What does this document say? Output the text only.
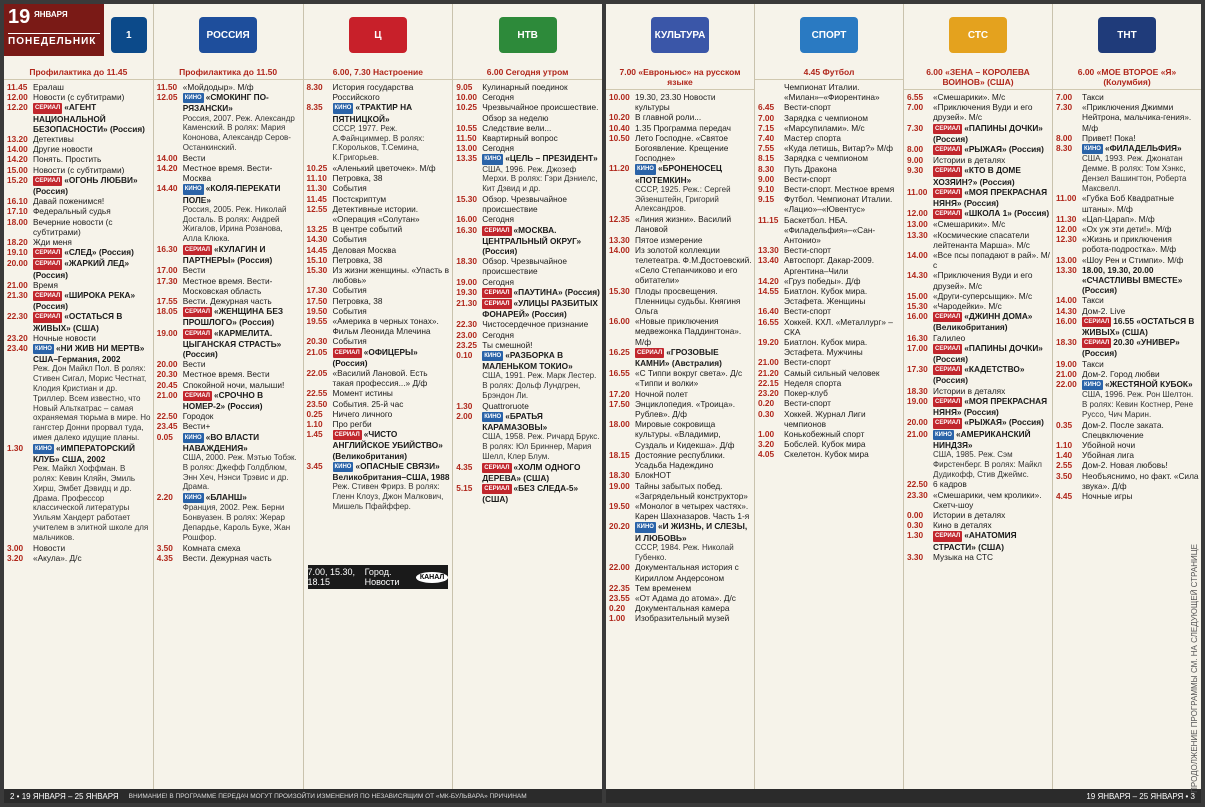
19 ЯНВАРЯ
ПОНЕДЕЛЬНИК
1
Профилактика до 11.45
11.45 Ералаш
12.00 Новости (с субтитрами)
12.20 СЕРИАЛ «АГЕНТ НАЦИОНАЛЬНОЙ БЕЗОПАСНОСТИ» (Россия)
13.20 Детективы
14.00 Другие новости
14.20 Понять. Простить
15.00 Новости (с субтитрами)
15.20 СЕРИАЛ «ОГОНЬ ЛЮБВИ» (Россия)
16.10 Давай поженимся!
17.10 Федеральный судья
18.00 Вечерние новости (с субтитрами)
18.20 Жди меня
19.10 СЕРИАЛ «СЛЕД» (Россия)
20.00 СЕРИАЛ «ЖАРКИЙ ЛЕД» (Россия)
21.00 Время
21.30 СЕРИАЛ «ШИРОКА РЕКА» (Россия)
22.30 СЕРИАЛ «ОСТАТЬСЯ В ЖИВЫХ» (США)
23.20 Ночные новости
23.40 КИНО «НИ ЖИВ НИ МЕРТВ» США–Германия, 2002
Реж. Дон Майкл Пол. В ролях: Стивен Сигал, Морис Честнат, Клодия Кристиан и др. Триллер. Всем известно, что Новый Альткатрас – самая охраняемая тюрьма в мире. Но гангстер Донни прорвал туда, имея далеко идущие планы.
1.30 КИНО «ИМПЕРАТОРСКИЙ КЛУБ» США, 2002
Реж. Майкл Хоффман. В ролях: Кевин Кляйн, Эмиль Хирш, Эмбет Дэвидц и др. Драма. Профессор классической литературы Уильям Хандерт работает учителем в элитной школе для мальчиков.
3.00 Новости
3.20 «Акула». Д/с
РОССИЯ
Профилактика до 11.50
11.50 «Мойдодыр». М/ф
12.05 КИНО «СМОКИНГ ПО-РЯЗАНСКИ»
Россия, 2007. Реж. Александр Каменский. В ролях: Мария Кононова, Александр Серов-Останкинский.
14.00 Вести
14.20 Местное время. Вести-Москва
14.40 КИНО «КОЛЯ-ПЕРЕКАТИ ПОЛЕ»
Россия, 2005. Реж. Николай Досталь. В ролях: Андрей Жигалов, Ирина Розанова, Алла Клюка.
16.30 СЕРИАЛ «КУЛАГИН И ПАРТНЕРЫ» (Россия)
17.00 Вести
17.30 Местное время. Вести-Московская область
17.55 Вести. Дежурная часть
18.05 СЕРИАЛ «ЖЕНЩИНА БЕЗ ПРОШЛОГО» (Россия)
19.00 СЕРИАЛ «КАРМЕЛИТА. ЦЫГАНСКАЯ СТРАСТЬ» (Россия)
20.00 Вести
20.30 Местное время. Вести
20.45 Спокойной ночи, малыши!
21.00 СЕРИАЛ «СРОЧНО В НОМЕР-2» (Россия)
22.50 Городок
23.45 Вести+
0.05 КИНО «ВО ВЛАСТИ НАВАЖДЕНИЯ»
США, 2000. Реж. Мэтью Тобэк. В ролях: Джефф Голдблюм, Энн Хеч, Нэнси Трэвис и др. Драма.
2.20 КИНО «БЛАНШ»
Франция, 2002. Реж. Берни Бонвуазен. В ролях: Жерар Депардье, Кароль Буке, Жан Рошфор.
3.50 Комната смеха
4.35 Вести. Дежурная часть
Ц
6.00, 7.30 Настроение
8.30 История государства Российского
8.35 КИНО «ТРАКТИР НА ПЯТНИЦКОЙ»
СССР, 1977. Реж. А.Файнциммер. В ролях: Г.Корольков, Т.Семина, К.Григорьев.
10.25 «Аленький цветочек». М/ф
11.10 Петровка, 38
11.30 События
11.45 Постскриптум
12.55 Детективные истории. «Операция «Солутан»
13.25 В центре событий
14.30 События
14.45 Деловая Москва
15.10 Петровка, 38
15.30 Из жизни женщины. «Упасть в любовь»
17.30 События
17.50 Петровка, 38
19.50 События
19.55 «Америка в черных тонах». Фильм Леонида Млечина
20.30 События
21.05 СЕРИАЛ «ОФИЦЕРЫ» (Россия)
22.05 «Василий Лановой. Есть такая профессия...» Д/ф
22.55 Момент истины
23.50 События. 25-й час
0.25 Ничего личного
1.10 Про регби
1.45 СЕРИАЛ «ЧИСТО АНГЛИЙСКОЕ УБИЙСТВО» (Великобритания)
3.45 КИНО «ОПАСНЫЕ СВЯЗИ» Великобритания–США, 1988
Реж. Стивен Фрирз. В ролях: Гленн Клоуз, Джон Малкович, Мишель Пфайффер.
7.00, 15.30, 18.15
Город. Новости	КАНАЛ
НТВ
6.00 Сегодня утром
9.05 Кулинарный поединок
10.00 Сегодня
10.25 Чрезвычайное происшествие. Обзор за неделю
10.55 Следствие вели...
11.50 Квартирный вопрос
13.00 Сегодня
13.35 КИНО «ЦЕЛЬ – ПРЕЗИДЕНТ»
США, 1996. Реж. Джозеф Мерхи. В ролях: Гэри Дэниелс, Кит Дэвид и др.
15.30 Обзор. Чрезвычайное происшествие
16.00 Сегодня
16.30 СЕРИАЛ «МОСКВА. ЦЕНТРАЛЬНЫЙ ОКРУГ» (Россия)
18.30 Обзор. Чрезвычайное происшествие
19.00 Сегодня
19.30 СЕРИАЛ «ПАУТИНА» (Россия)
21.30 СЕРИАЛ «УЛИЦЫ РАЗБИТЫХ ФОНАРЕЙ» (Россия)
22.30 Чистосердечное признание
23.00 Сегодня
23.25 Ты смешной!
0.10 КИНО «РАЗБОРКА В МАЛЕНЬКОМ ТОКИО»
США, 1991. Реж. Марк Лестер. В ролях: Дольф Лундгрен, Брэндон Ли.
1.30 Quattroruote
2.00 КИНО «БРАТЬЯ КАРАМАЗОВЫ»
США, 1958. Реж. Ричард Брукс. В ролях: Юл Бриннер, Мария Шелл, Клер Блум.
4.35 СЕРИАЛ «ХОЛМ ОДНОГО ДЕРЕВА» (США)
5.15 СЕРИАЛ «БЕЗ СЛЕДА-5» (США)
2 • 19 ЯНВАРЯ – 25 ЯНВАРЯ ВНИМАНИЕ! В ПРОГРАММЕ ПЕРЕДАЧ МОГУТ ПРОИЗОЙТИ ИЗМЕНЕНИЯ ПО НЕЗАВИСЯЩИМ ОТ «МК-БУЛЬВАРА» ПРИЧИНАМ
КУЛЬТУРА
7.00 «Евроньюс» на русском языке
10.00 19.30, 23.30 Новости культуры
10.20 В главной роли...
10.40 1.35 Программа передач
10.50 Лето Господне. «Святое Богоявление. Крещение Господне»
11.20 КИНО «БРОНЕНОСЕЦ «ПОТЕМКИН»
СССР, 1925. Реж.: Сергей Эйзенштейн, Григорий Александров.
12.35 «Линия жизни». Василий Лановой
13.30 Пятое измерение
14.00 Из золотой коллекции телетеатра. Ф.М.Достоевский. «Село Степанчиково и его обитатели»
15.30 Плоды просвещения. Пленницы судьбы. Княгиня Ольга
16.00 «Новые приключения медвежонка Паддингтона». М/ф
16.25 СЕРИАЛ «ГРОЗОВЫЕ КАМНИ» (Австралия)
16.55 «С Типпи вокруг света». Д/с «Типпи и волки»
17.20 Ночной полет
17.50 Энциклопедия. «Троица». Рублев». Д/ф
18.00 Мировые сокровища культуры. «Владимир, Суздаль и Кидекша». Д/ф
18.15 Достояние республики. Усадьба Надеждино
18.30 БлокНОТ
19.00 Тайны забытых побед. «Загрядельный конструктор»
19.50 «Монолог в четырех частях». Карен Шахназаров. Часть 1-я
20.20 КИНО «И ЖИЗНЬ, И СЛЕЗЫ, И ЛЮБОВЬ»
СССР, 1984. Реж. Николай Губенко.
22.00 Документальная история с Кириллом Андерсоном
22.35 Тем временем
23.55 «От Адама до атома». Д/с
0.20 Документальная камера
1.00 Изобразительный музей
СПОРТ
4.45 Футбол
Чемпионат Италии. «Милан»–«Фиорентина»
6.45 Вести-спорт
7.00 Зарядка с чемпионом
7.15 «Марсупилами». М/с
7.40 Мастер спорта
7.55 «Куда летишь, Витар?» М/ф
8.15 Зарядка с чемпионом
8.30 Путь Дракона
9.00 Вести-спорт
9.10 Вести-спорт. Местное время
9.15 Футбол. Чемпионат Италии. «Лацио»–«Ювентус»
11.15 Баскетбол. НБА. «Филадельфия»–«Сан-Антонио»
13.30 Вести-спорт
13.40 Автоспорт. Дакар-2009. Аргентина–Чили
14.20 «Груз победы». Д/ф
14.55 Биатлон. Кубок мира. Эстафета. Женщины
16.40 Вести-спорт
16.55 Хоккей. КХЛ. «Металлург» – СКА
19.20 Биатлон. Кубок мира. Эстафета. Мужчины
21.00 Вести-спорт
21.20 Самый сильный человек
22.15 Неделя спорта
23.20 Покер-клуб
0.20 Вести-спорт
0.30 Хоккей. Журнал Лиги чемпионов
1.00 Конькобежный спорт
3.20 Бобслей. Кубок мира
4.05 Скелетон. Кубок мира
СТС
6.00 «ЗЕНА – КОРОЛЕВА ВОИНОВ» (США)
6.55 «Смешарики». М/с
7.00 «Приключения Вуди и его друзей». М/с
7.30 СЕРИАЛ «ПАПИНЫ ДОЧКИ» (Россия)
8.00 СЕРИАЛ «РЫЖАЯ» (Россия)
9.00 Истории в деталях
9.30 СЕРИАЛ «КТО В ДОМЕ ХОЗЯИН?» (Россия)
11.00 СЕРИАЛ «МОЯ ПРЕКРАСНАЯ НЯНЯ» (Россия)
12.00 СЕРИАЛ «ШКОЛА 1» (Россия)
13.00 «Смешарики». М/с
13.30 «Космические спасатели лейтенанта Марша». М/с
14.00 «Все псы попадают в рай». М/с
14.30 «Приключения Вуди и его друзей». М/с
15.00 «Други-суперсыщик». М/с
15.30 «Чародейки». М/с
16.00 СЕРИАЛ «ДЖИНН ДОМА» (Великобритания)
16.30 Галилео
17.00 СЕРИАЛ «ПАПИНЫ ДОЧКИ» (Россия)
17.30 СЕРИАЛ «КАДЕТСТВО» (Россия)
18.30 Истории в деталях
19.00 СЕРИАЛ «МОЯ ПРЕКРАСНАЯ НЯНЯ» (Россия)
20.00 СЕРИАЛ «РЫЖАЯ» (Россия)
21.00 КИНО «АМЕРИКАНСКИЙ НИНДЗЯ»
США, 1985. Реж. Сэм Фирстенберг. В ролях: Майкл Дудикофф, Стив Джеймс.
22.50 6 кадров
23.30 «Смешарики, чем кролики». Скетч-шоу
0.00 Истории в деталях
0.30 Кино в деталях
1.30 СЕРИАЛ «АНАТОМИЯ СТРАСТИ» (США)
3.30 Музыка на СТС
ТНТ
6.00 «МОЕ ВТОРОЕ «Я» (Колумбия)
7.00 Такси
7.30 «Приключения Джимми Нейтрона, мальчика-гения». М/ф
8.00 Привет! Пока!
8.30 КИНО «ФИЛАДЕЛЬФИЯ»
США, 1993. Реж. Джонатан Демме. В ролях: Том Хэнкс, Дензел Вашингтон, Роберта Максвелл.
11.00 «Губка Боб Квадратные штаны». М/ф
11.30 «Цап-Царап». М/ф
12.00 «Ох уж эти дети!». М/ф
12.30 «Жизнь и приключения робота-подростка». М/ф
13.00 «Шоу Рен и Стимпи». М/ф
13.30 18.00, 19.30, 20.00 «СЧАСТЛИВЫ ВМЕСТЕ» (Россия)
14.00 Такси
14.30 Дом-2. Live
16.00 СЕРИАЛ 16.55 «ОСТАТЬСЯ В ЖИВЫХ» (США)
18.30 СЕРИАЛ 20.30 «УНИВЕР» (Россия)
19.00 Такси
21.00 Дом-2. Город любви
22.00 КИНО «ЖЕСТЯНОЙ КУБОК»
США, 1996. Реж. Рон Шелтон. В ролях: Кевин Костнер, Рене Руссо, Чич Марин.
0.35 Дом-2. После заката. Спецвключение
1.10 Убойной ночи
1.40 Убойная лига
2.55 Дом-2. Новая любовь!
3.50 Необъяснимо, но факт. «Сила звука». Д/ф
4.45 Ночные игры
19 ЯНВАРЯ – 25 ЯНВАРЯ • 3
ПРОДОЛЖЕНИЕ ПРОГРАММЫ СМ. НА СЛЕДУЮЩЕЙ СТРАНИЦЕ
